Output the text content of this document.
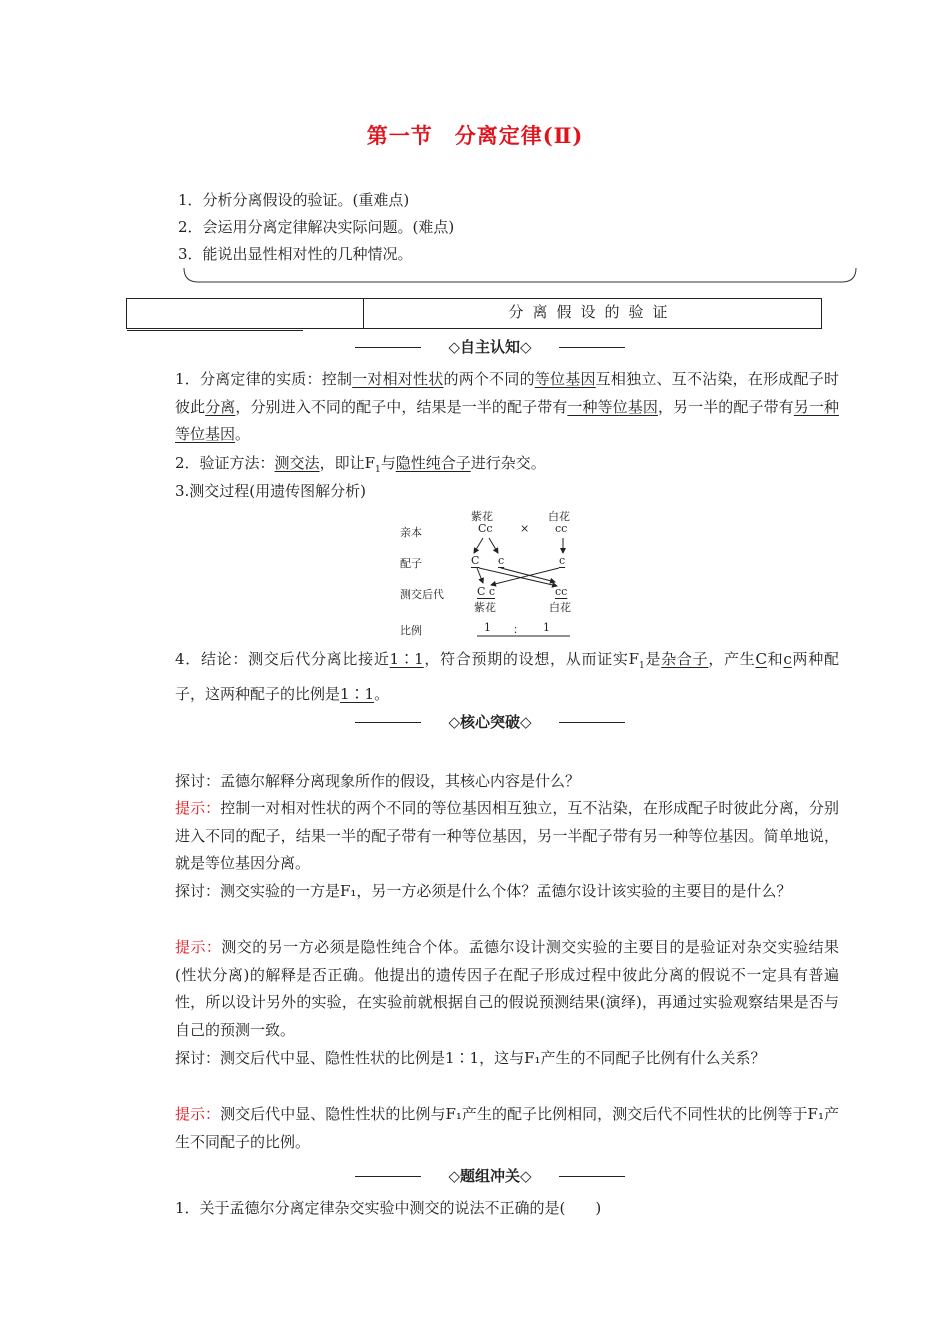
第一节　分离定律(Ⅱ)
1．分析分离假设的验证。(重难点)
2．会运用分离定律解决实际问题。(难点)
3．能说出显性相对性的几种情况。
分离假设的验证
◇自主认知◇
1．分离定律的实质：控制一对相对性状的两个不同的等位基因互相独立、互不沾染，在形成配子时彼此分离，分别进入不同的配子中，结果是一半的配子带有一种等位基因，另一半的配子带有另一种等位基因。
2．验证方法：测交法，即让$F_1$与隐性纯合子进行杂交。
3.测交过程(用遗传图解分析)
紫花	白花
亲本	Cc × cc
配子	C c	c
测交后代	C c	cc
紫花	白花
比例	1 ： 1
4．结论：测交后代分离比接近1∶1，符合预期的设想，从而证实$F_1$是杂合子，产生C和c两种配子，这两种配子的比例是1∶1。
◇核心突破◇
探讨：孟德尔解释分离现象所作的假设，其核心内容是什么？
提示：控制一对相对性状的两个不同的等位基因相互独立，互不沾染，在形成配子时彼此分离，分别进入不同的配子，结果一半的配子带有一种等位基因，另一半配子带有另一种等位基因。简单地说，就是等位基因分离。
探讨：测交实验的一方是F₁，另一方必须是什么个体？孟德尔设计该实验的主要目的是什么？
提示：测交的另一方必须是隐性纯合个体。孟德尔设计测交实验的主要目的是验证对杂交实验结果(性状分离)的解释是否正确。他提出的遗传因子在配子形成过程中彼此分离的假说不一定具有普遍性，所以设计另外的实验，在实验前就根据自己的假说预测结果(演绎)，再通过实验观察结果是否与自己的预测一致。
探讨：测交后代中显、隐性性状的比例是1∶1，这与F₁产生的不同配子比例有什么关系？
提示：测交后代中显、隐性性状的比例与F₁产生的配子比例相同，测交后代不同性状的比例等于F₁产生不同配子的比例。
◇题组冲关◇
1．关于孟德尔分离定律杂交实验中测交的说法不正确的是(　　)
